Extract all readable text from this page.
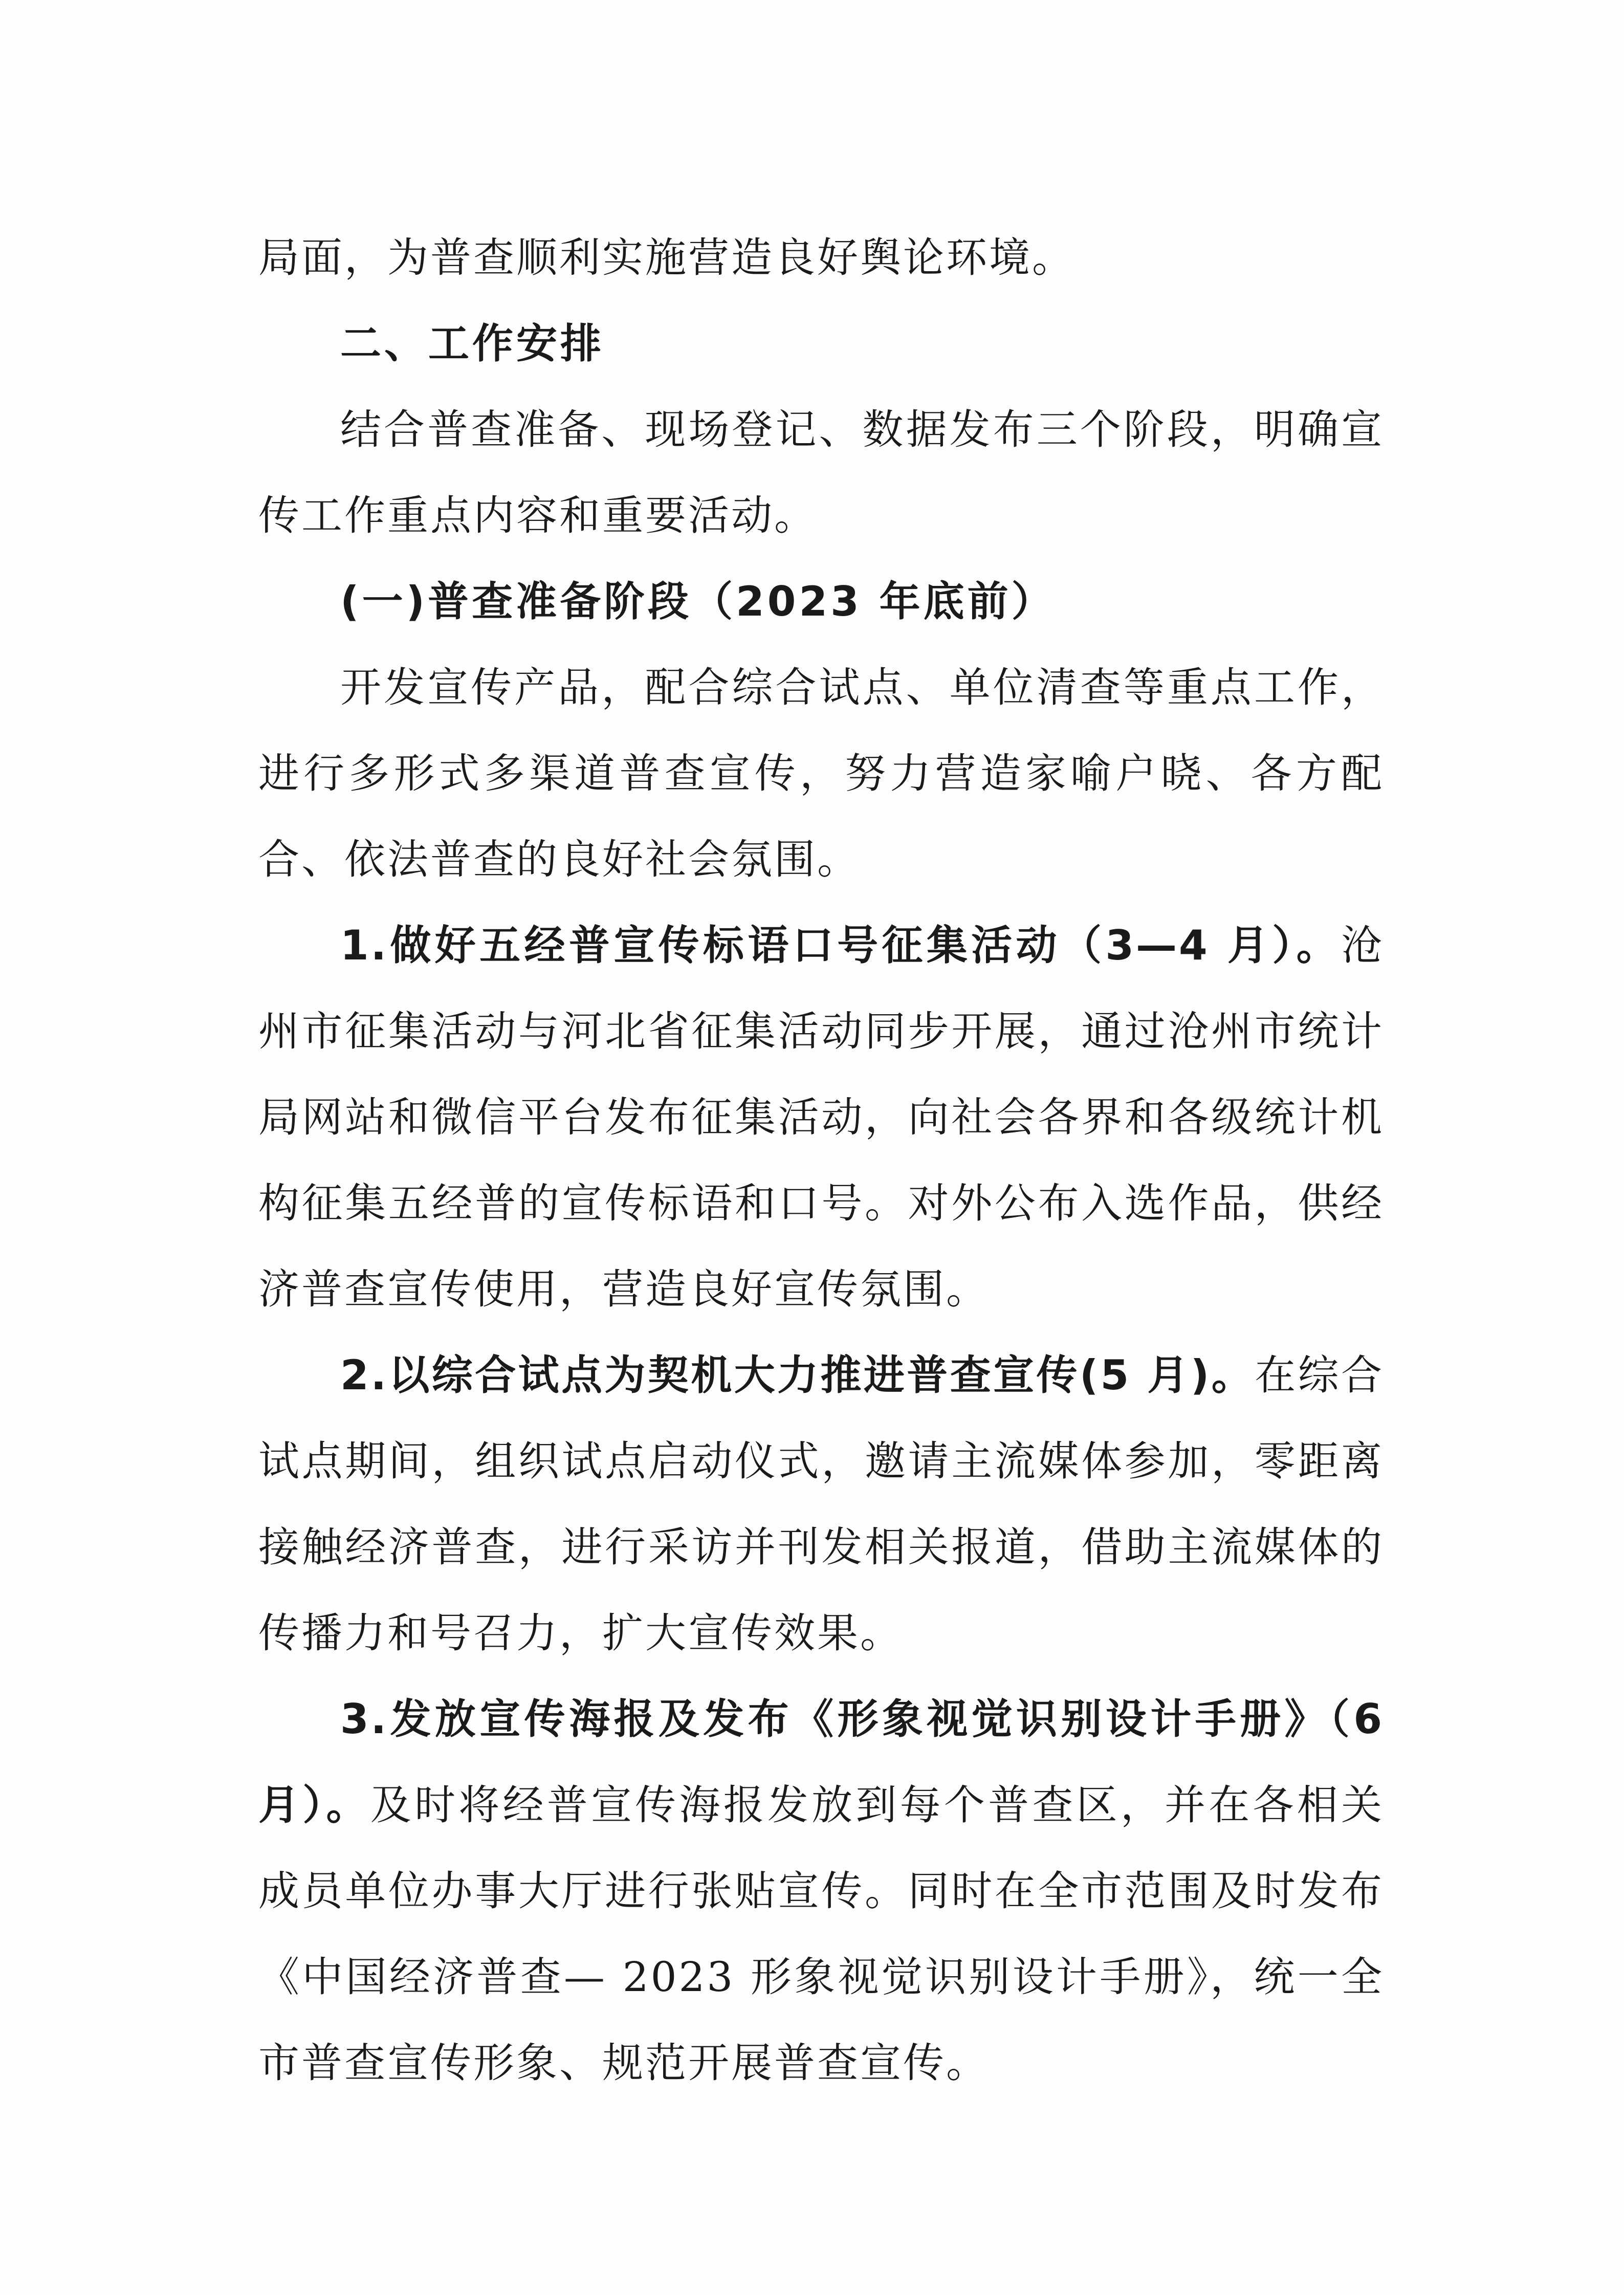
局面，为普查顺利实施营造良好舆论环境。

二、工作安排

结合普查准备、现场登记、数据发布三个阶段，明确宣传工作重点内容和重要活动。

(一)普查准备阶段（2023 年底前）

开发宣传产品，配合综合试点、单位清查等重点工作，进行多形式多渠道普查宣传，努力营造家喻户晓、各方配合、依法普查的良好社会氛围。

1.做好五经普宣传标语口号征集活动（3—4 月）。沧州市征集活动与河北省征集活动同步开展，通过沧州市统计局网站和微信平台发布征集活动，向社会各界和各级统计机构征集五经普的宣传标语和口号。对外公布入选作品，供经济普查宣传使用，营造良好宣传氛围。

2.以综合试点为契机大力推进普查宣传(5 月)。在综合试点期间，组织试点启动仪式，邀请主流媒体参加，零距离接触经济普查，进行采访并刊发相关报道，借助主流媒体的传播力和号召力，扩大宣传效果。

3.发放宣传海报及发布《形象视觉识别设计手册》（6 月）。及时将经普宣传海报发放到每个普查区，并在各相关成员单位办事大厅进行张贴宣传。同时在全市范围及时发布《中国经济普查— 2023 形象视觉识别设计手册》，统一全市普查宣传形象、规范开展普查宣传。
